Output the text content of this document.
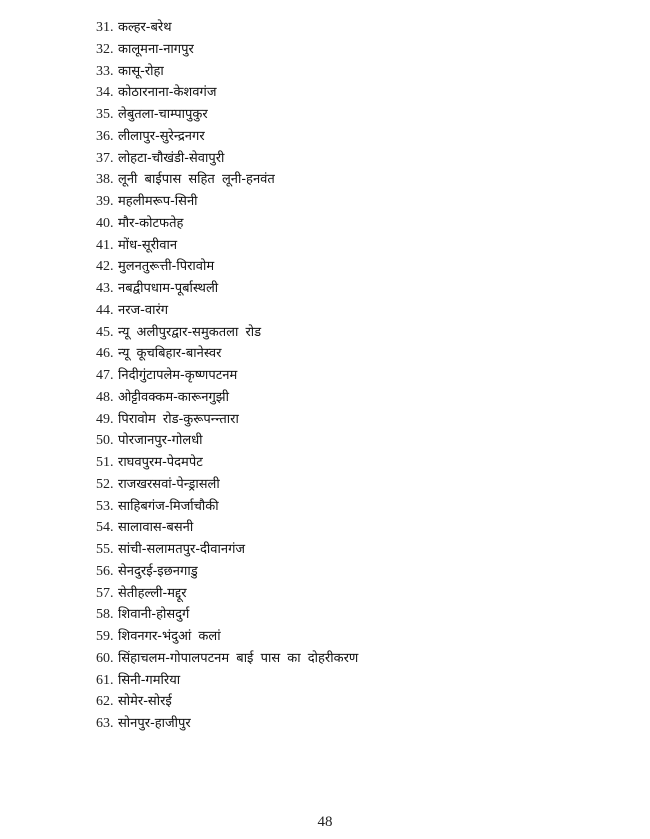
31. कल्हर-बरेथ
32. कालूमना-नागपुर
33. कासू-रोहा
34. कोठारनाना-केशवगंज
35. लेबुतला-चाम्पापुकुर
36. लीलापुर-सुरेन्द्रनगर
37. लोहटा-चौखंडी-सेवापुरी
38. लूनी बाईपास सहित लूनी-हनवंत
39. महलीमरूप-सिनी
40. मौर-कोटफतेह
41. मोंध-सूरीवान
42. मुलनतुरूत्ती-पिरावोम
43. नबद्वीपधाम-पूर्बास्थली
44. नरज-वारंग
45. न्यू अलीपुरद्वार-समुकतला रोड
46. न्यू कूचबिहार-बानेस्वर
47. निदीगुंटापलेम-कृष्णपटनम
48. ओट्टीवक्कम-कारूनगुझी
49. पिरावोम रोड-कुरूपन्न्तारा
50. पोरजानपुर-गोलधी
51. राघवपुरम-पेदमपेट
52. राजखरसवां-पेन्ड्रासली
53. साहिबगंज-मिर्जाचौकी
54. सालावास-बसनी
55. सांची-सलामतपुर-दीवानगंज
56. सेनदुरई-इछनगाडु
57. सेतीहल्ली-मद्दूर
58. शिवानी-होसदुर्ग
59. शिवनगर-भंदुआं कलां
60. सिंहाचलम-गोपालपटनम बाई पास का दोहरीकरण
61. सिनी-गमरिया
62. सोमेर-सोरई
63. सोनपुर-हाजीपुर
48
